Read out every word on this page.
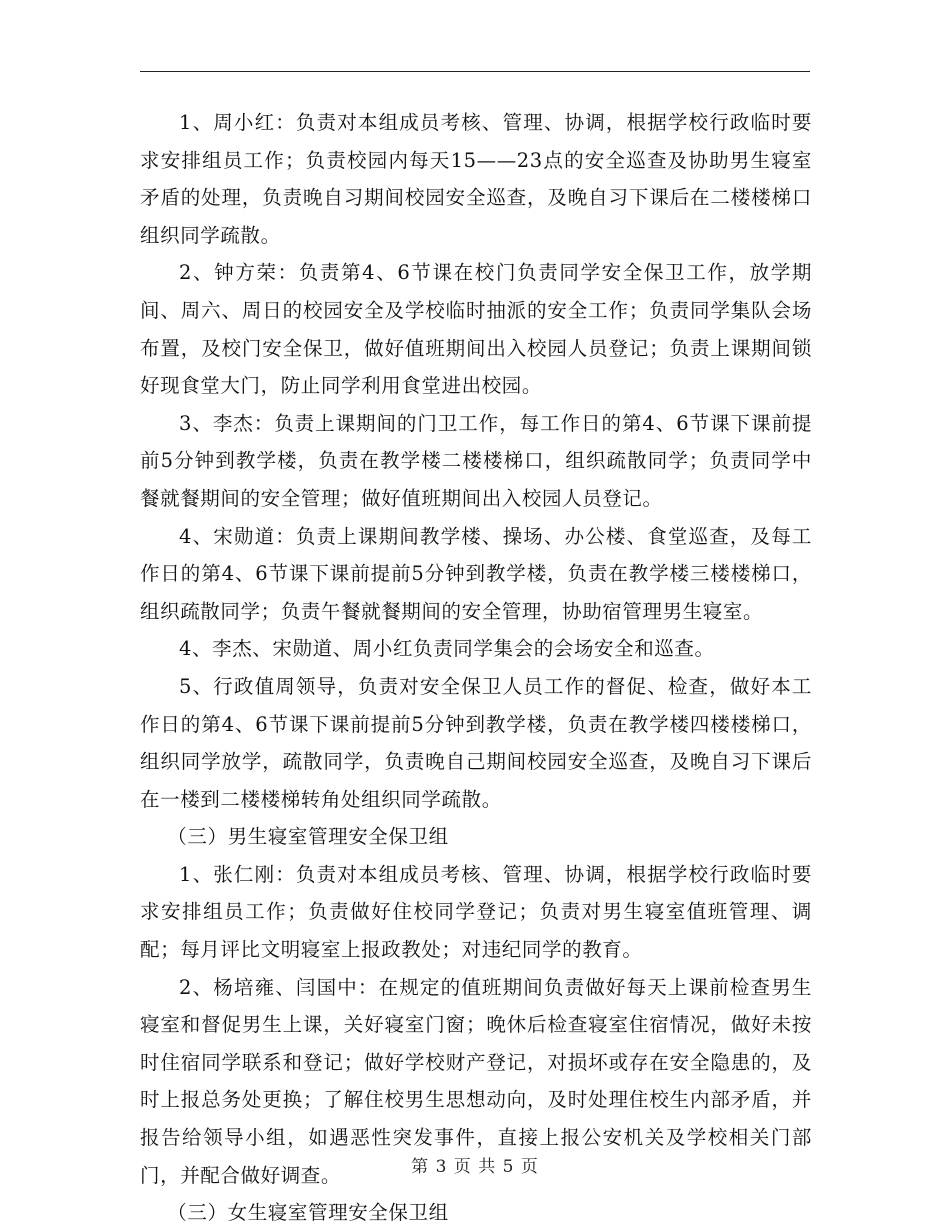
1、周小红：负责对本组成员考核、管理、协调，根据学校行政临时要求安排组员工作；负责校园内每天15——23点的安全巡查及协助男生寝室矛盾的处理，负责晚自习期间校园安全巡查，及晚自习下课后在二楼楼梯口组织同学疏散。

2、钟方荣：负责第4、6节课在校门负责同学安全保卫工作，放学期间、周六、周日的校园安全及学校临时抽派的安全工作；负责同学集队会场布置，及校门安全保卫，做好值班期间出入校园人员登记；负责上课期间锁好现食堂大门，防止同学利用食堂进出校园。

3、李杰：负责上课期间的门卫工作，每工作日的第4、6节课下课前提前5分钟到教学楼，负责在教学楼二楼楼梯口，组织疏散同学；负责同学中餐就餐期间的安全管理；做好值班期间出入校园人员登记。

4、宋勋道：负责上课期间教学楼、操场、办公楼、食堂巡查，及每工作日的第4、6节课下课前提前5分钟到教学楼，负责在教学楼三楼楼梯口，组织疏散同学；负责午餐就餐期间的安全管理，协助宿管理男生寝室。

4、李杰、宋勋道、周小红负责同学集会的会场安全和巡查。

5、行政值周领导，负责对安全保卫人员工作的督促、检查，做好本工作日的第4、6节课下课前提前5分钟到教学楼，负责在教学楼四楼楼梯口，组织同学放学，疏散同学，负责晚自己期间校园安全巡查，及晚自习下课后在一楼到二楼楼梯转角处组织同学疏散。

（三）男生寝室管理安全保卫组

1、张仁刚：负责对本组成员考核、管理、协调，根据学校行政临时要求安排组员工作；负责做好住校同学登记；负责对男生寝室值班管理、调配；每月评比文明寝室上报政教处；对违纪同学的教育。

2、杨培雍、闫国中：在规定的值班期间负责做好每天上课前检查男生寝室和督促男生上课，关好寝室门窗；晚休后检查寝室住宿情况，做好未按时住宿同学联系和登记；做好学校财产登记，对损坏或存在安全隐患的，及时上报总务处更换；了解住校男生思想动向，及时处理住校生内部矛盾，并报告给领导小组，如遇恶性突发事件，直接上报公安机关及学校相关门部门，并配合做好调查。

（三）女生寝室管理安全保卫组

第 3 页 共 5 页
